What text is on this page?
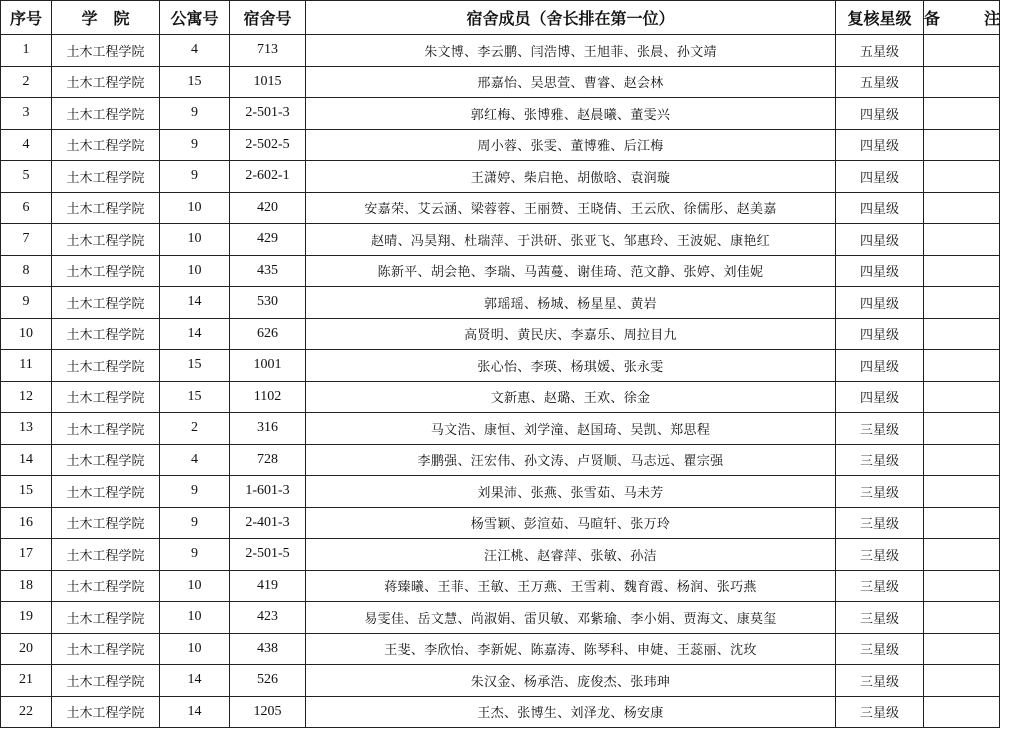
序号	学　院	公寓号	宿舍号	宿舍成员（舍长排在第一位）	复核星级	备　注
1	土木工程学院	4	713	朱文博、李云鹏、闫浩博、王旭菲、张晨、孙文靖	五星级	
2	土木工程学院	15	1015	邢嘉怡、吴思萱、曹睿、赵会林	五星级	
3	土木工程学院	9	2-501-3	郭红梅、张博雅、赵晨曦、董雯兴	四星级	
4	土木工程学院	9	2-502-5	周小蓉、张雯、董博雅、后江梅	四星级	
5	土木工程学院	9	2-602-1	王潇婷、柴启艳、胡傲晗、袁润璇	四星级	
6	土木工程学院	10	420	安嘉荣、艾云涵、梁蓉蓉、王丽赞、王晓倩、王云欣、徐儒彤、赵美嘉	四星级	
7	土木工程学院	10	429	赵晴、冯昊翔、杜瑞萍、于洪研、张亚飞、邹惠玲、王波妮、康艳红	四星级	
8	土木工程学院	10	435	陈新平、胡会艳、李瑞、马茜蔓、谢佳琦、范文静、张婷、刘佳妮	四星级	
9	土木工程学院	14	530	郭瑶瑶、杨城、杨星星、黄岩	四星级	
10	土木工程学院	14	626	高贤明、黄民庆、李嘉乐、周拉目九	四星级	
11	土木工程学院	15	1001	张心怡、李瑛、杨琪媛、张永雯	四星级	
12	土木工程学院	15	1102	文新惠、赵璐、王欢、徐金	四星级	
13	土木工程学院	2	316	马文浩、康恒、刘学潼、赵国琦、吴凯、郑思程	三星级	
14	土木工程学院	4	728	李鹏强、汪宏伟、孙文涛、卢贤顺、马志远、瞿宗强	三星级	
15	土木工程学院	9	1-601-3	刘果沛、张燕、张雪茹、马未芳	三星级	
16	土木工程学院	9	2-401-3	杨雪颖、彭渲茹、马暄轩、张万玲	三星级	
17	土木工程学院	9	2-501-5	汪江桃、赵睿萍、张敏、孙洁	三星级	
18	土木工程学院	10	419	蒋臻曦、王菲、王敏、王万燕、王雪莉、魏育霞、杨润、张巧燕	三星级	
19	土木工程学院	10	423	易雯佳、岳文慧、尚淑娟、雷贝敏、邓紫瑜、李小娟、贾海文、康莫玺	三星级	
20	土木工程学院	10	438	王斐、李欣怡、李新妮、陈嘉涛、陈琴科、申婕、王蕊丽、沈玫	三星级	
21	土木工程学院	14	526	朱汉金、杨承浩、庞俊杰、张玮珅	三星级	
22	土木工程学院	14	1205	王杰、张博生、刘泽龙、杨安康	三星级	
